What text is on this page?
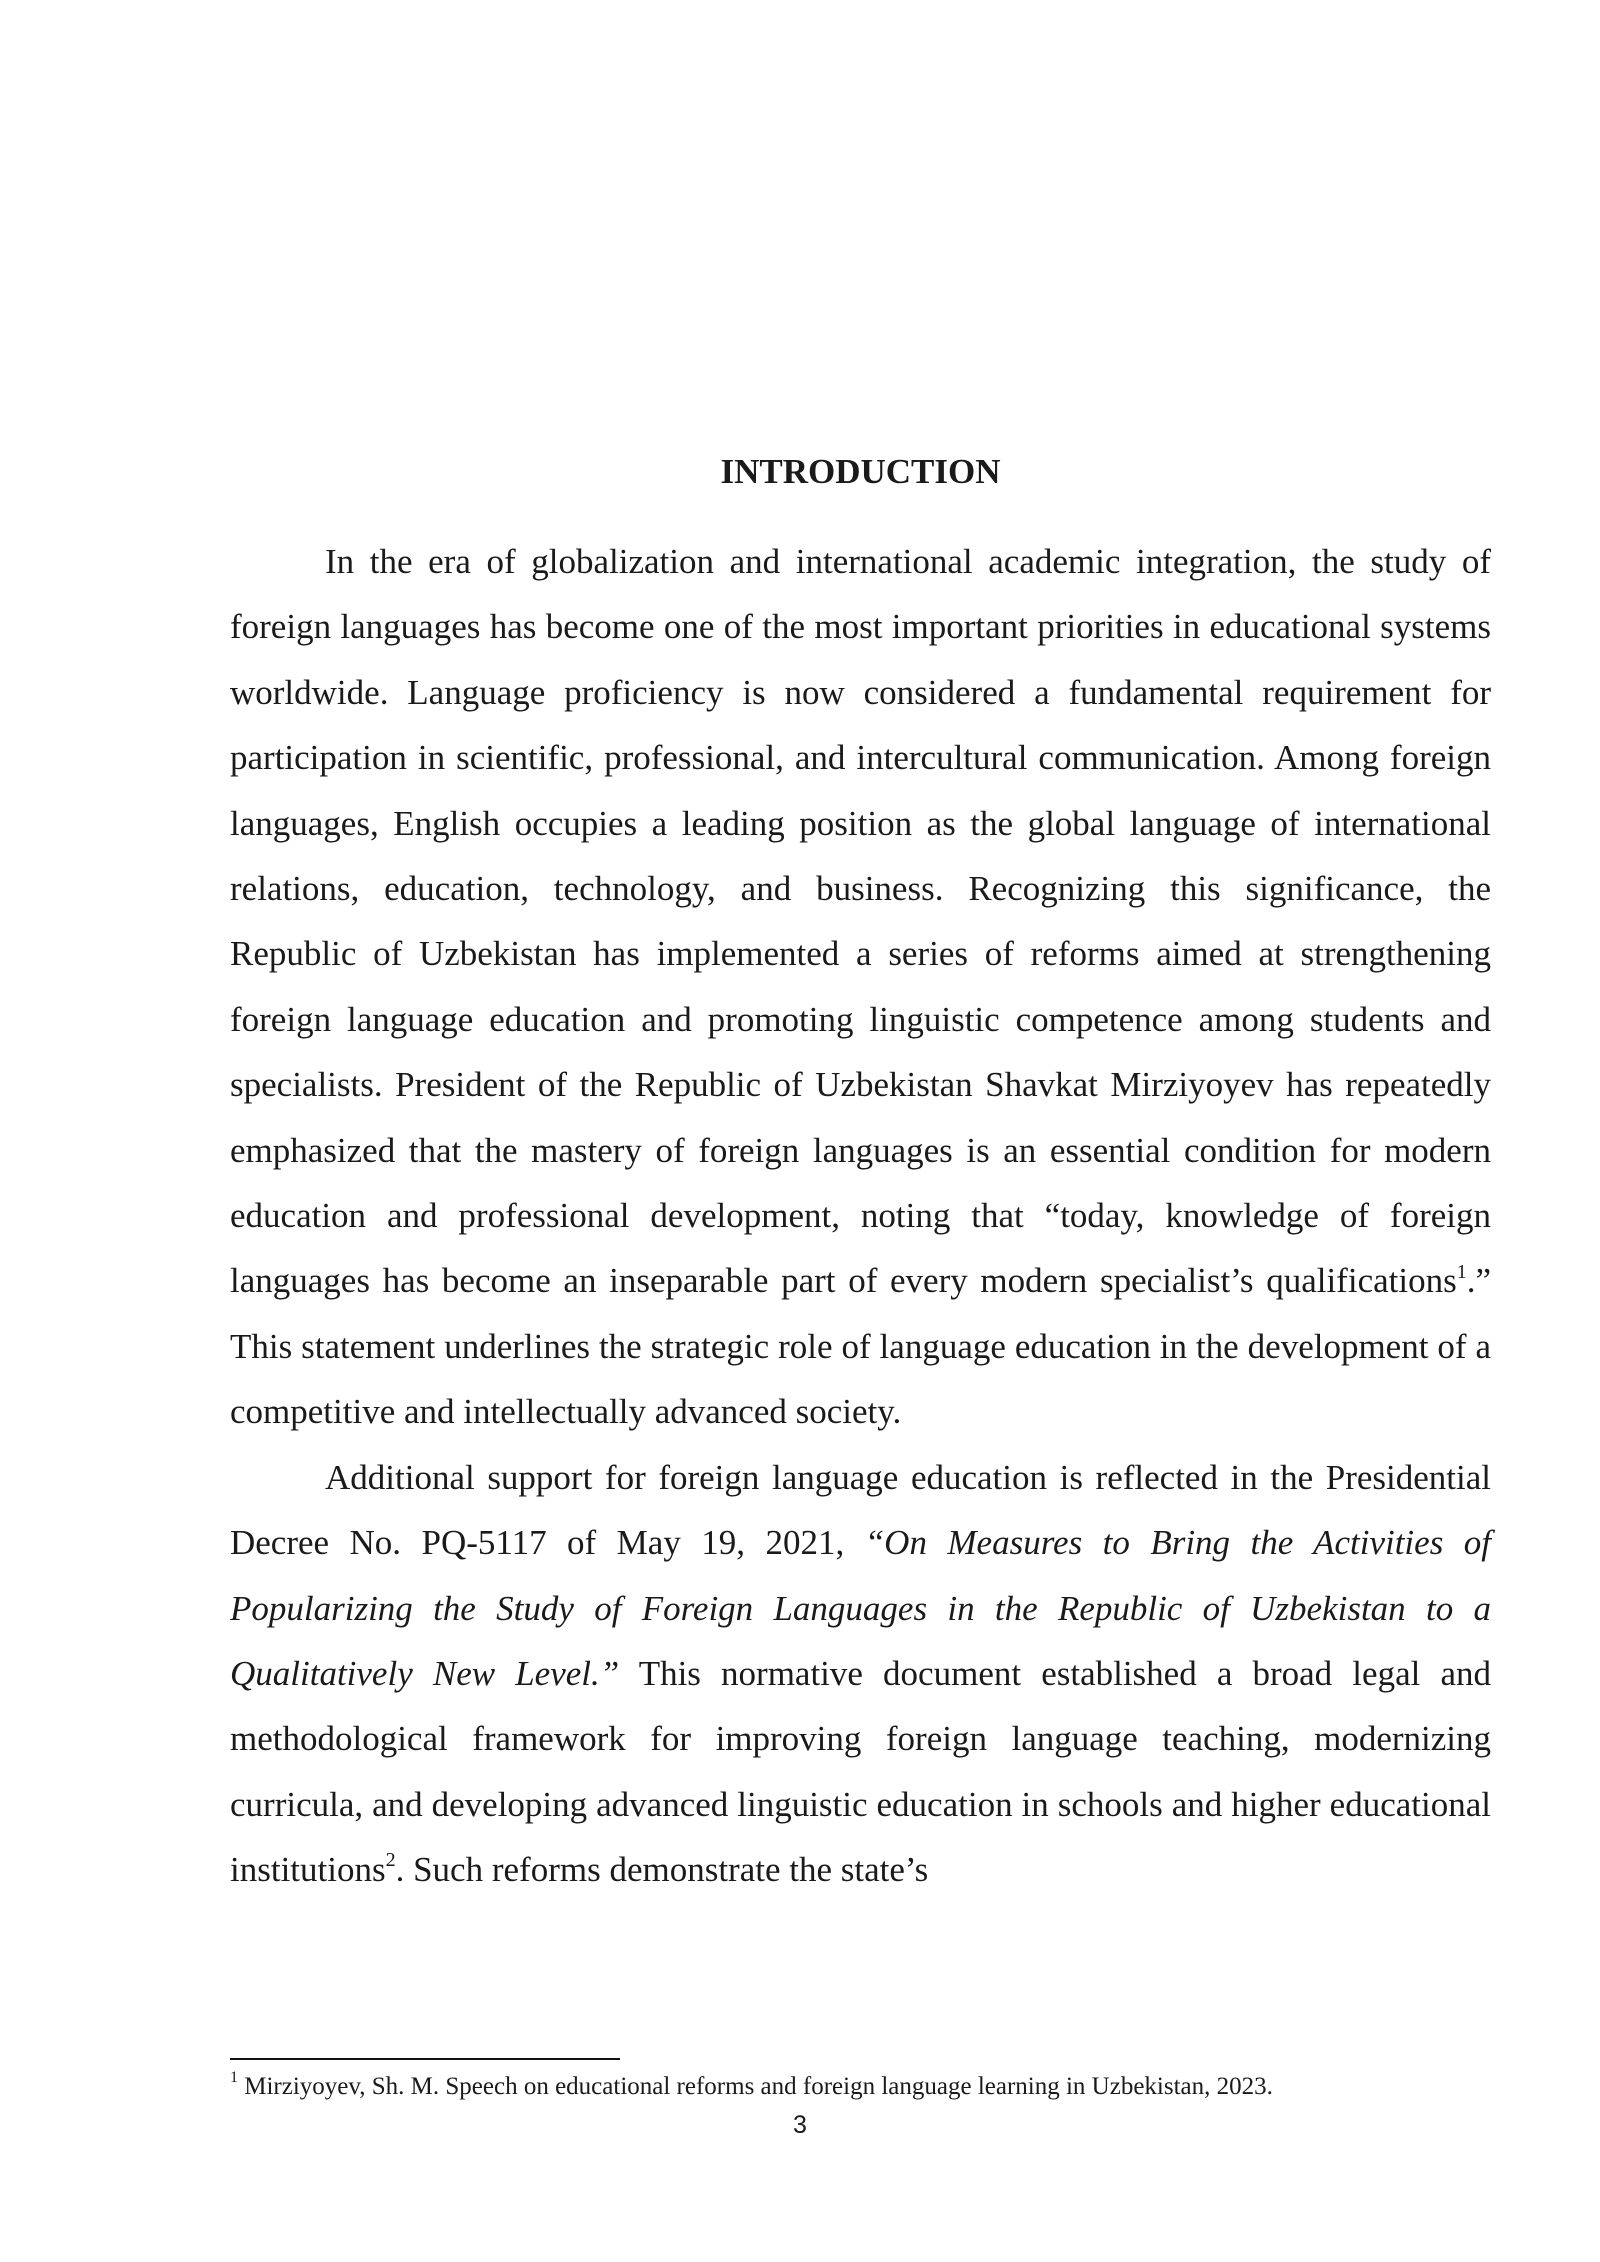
INTRODUCTION

In the era of globalization and international academic integration, the study of foreign languages has become one of the most important priorities in educational systems worldwide. Language proficiency is now considered a fundamental requirement for participation in scientific, professional, and intercultural communication. Among foreign languages, English occupies a leading position as the global language of international relations, education, technology, and business. Recognizing this significance, the Republic of Uzbekistan has implemented a series of reforms aimed at strengthening foreign language education and promoting linguistic competence among students and specialists. President of the Republic of Uzbekistan Shavkat Mirziyoyev has repeatedly emphasized that the mastery of foreign languages is an essential condition for modern education and professional development, noting that “today, knowledge of foreign languages has become an inseparable part of every modern specialist’s qualifications$^1$.” This statement underlines the strategic role of language education in the development of a competitive and intellectually advanced society.

Additional support for foreign language education is reflected in the Presidential Decree No. PQ-5117 of May 19, 2021, “On Measures to Bring the Activities of Popularizing the Study of Foreign Languages in the Republic of Uzbekistan to a Qualitatively New Level.” This normative document established a broad legal and methodological framework for improving foreign language teaching, modernizing curricula, and developing advanced linguistic education in schools and higher educational institutions$^2$. Such reforms demonstrate the state’s

$^1$ Mirziyoyev, Sh. M. Speech on educational reforms and foreign language learning in Uzbekistan, 2023.

3
